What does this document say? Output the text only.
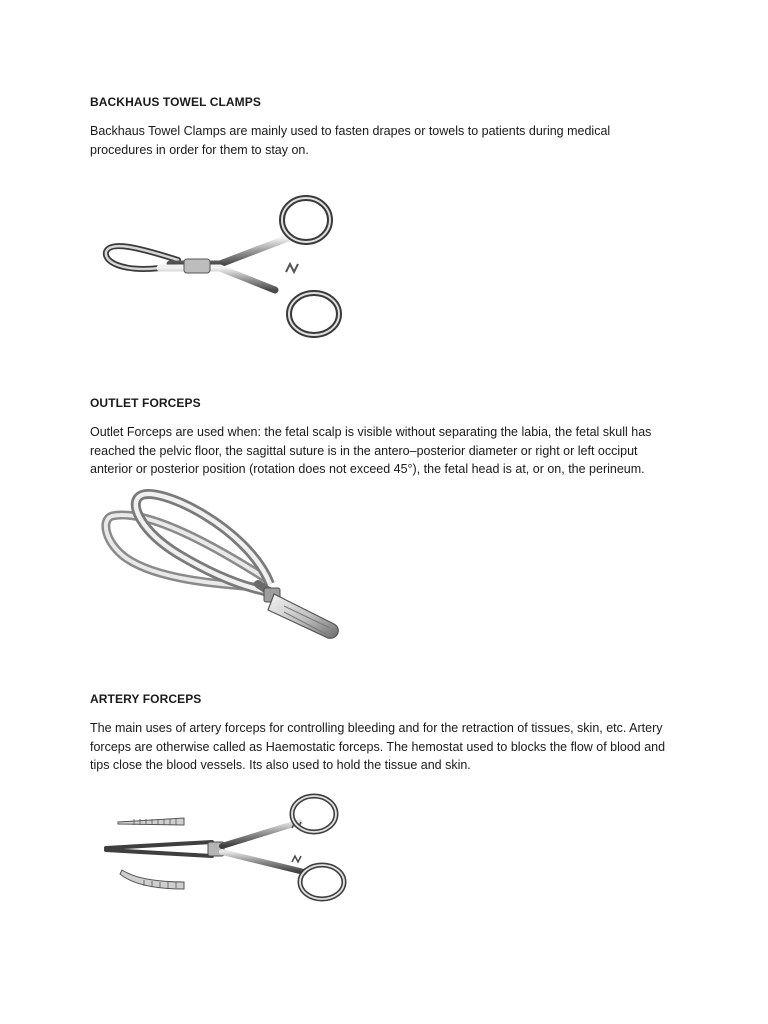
BACKHAUS TOWEL CLAMPS

Backhaus Towel Clamps are mainly used to fasten drapes or towels to patients during medical

procedures in order for them to stay on.

OUTLET FORCEPS

Outlet Forceps are used when: the fetal scalp is visible without separating the labia, the fetal skull has

reached the pelvic floor, the sagittal suture is in the antero–posterior diameter or right or left occiput

anterior or posterior position (rotation does not exceed 45°), the fetal head is at, or on, the perineum.

ARTERY FORCEPS

The main uses of artery forceps for controlling bleeding and for the retraction of tissues, skin, etc. Artery

forceps are otherwise called as Haemostatic forceps. The hemostat used to blocks the flow of blood and

tips close the blood vessels. Its also used to hold the tissue and skin.
